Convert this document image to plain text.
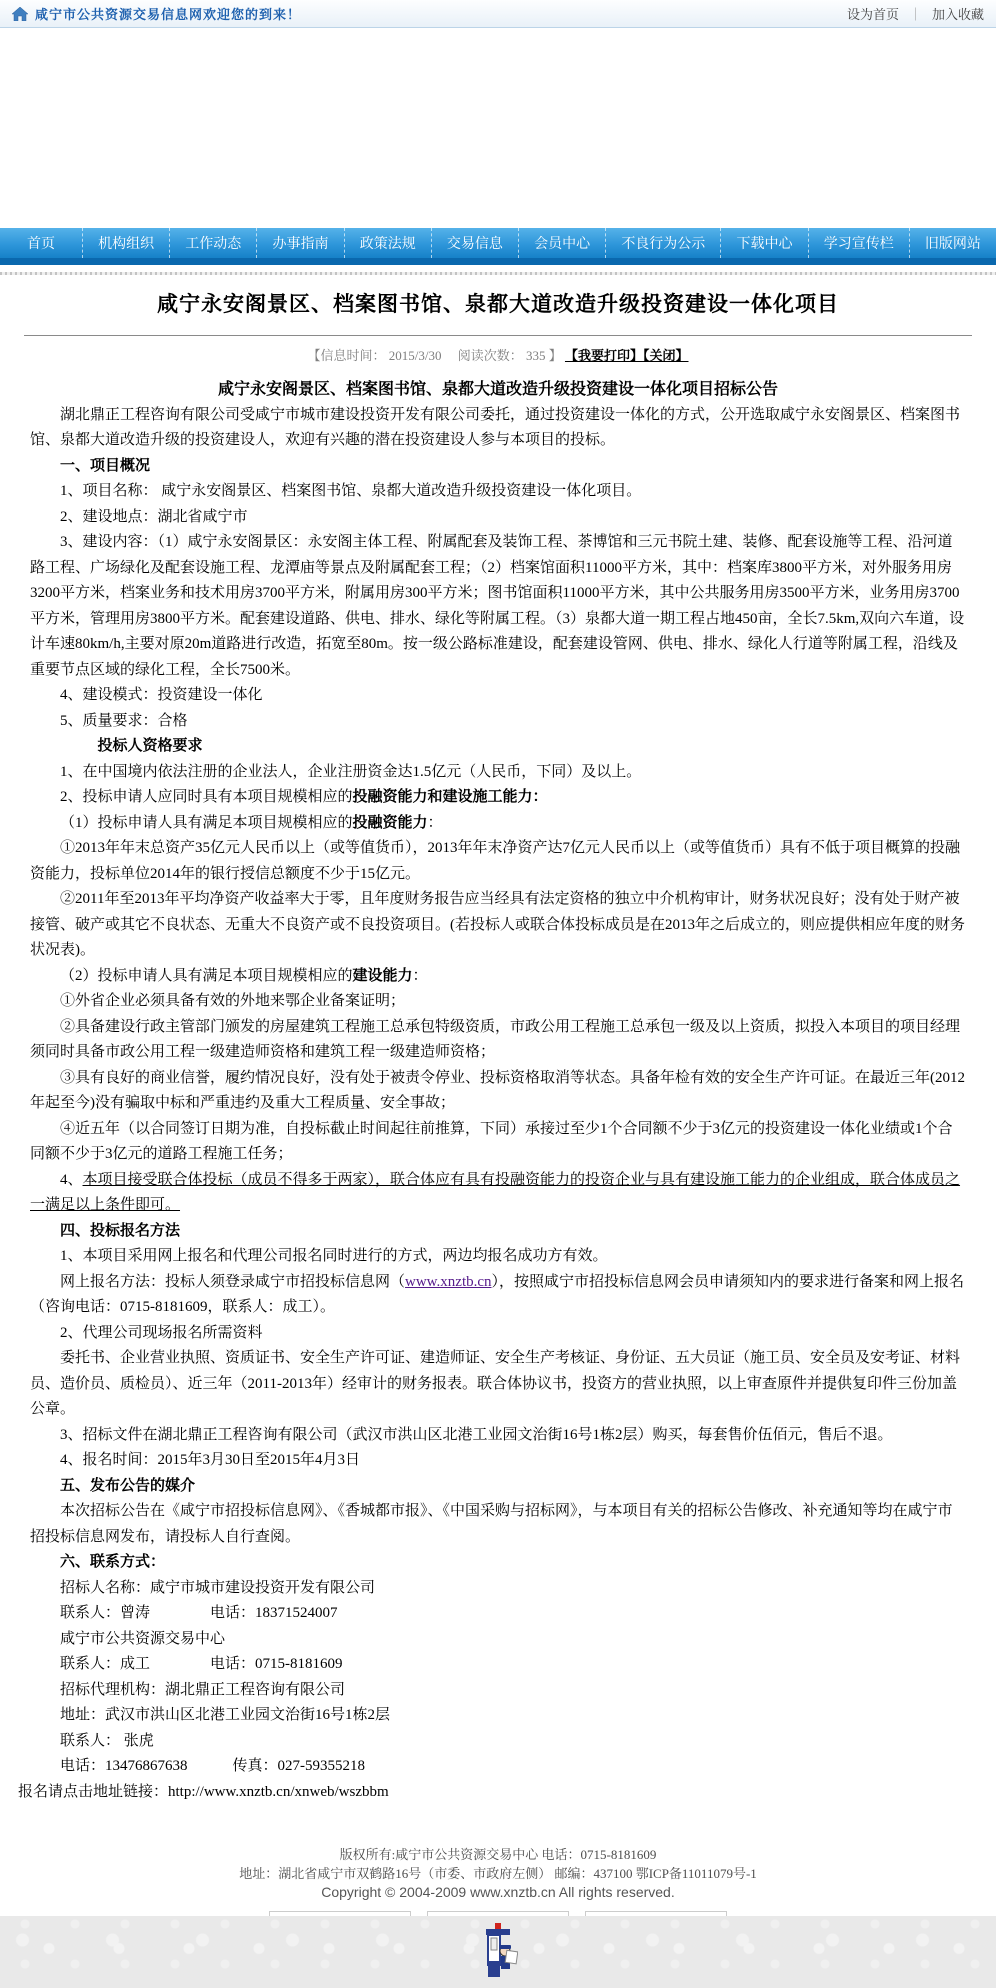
咸宁市公共资源交易信息网欢迎您的到来！	设为首页 ｜ 加入收藏
首页	机构组织	工作动态	办事指南	政策法规	交易信息	会员中心	不良行为公示	下载中心	学习宣传栏	旧版网站
咸宁永安阁景区、档案图书馆、泉都大道改造升级投资建设一体化项目
【信息时间： 2015/3/30　 阅读次数： 335 】 【我要打印】【关闭】
咸宁永安阁景区、档案图书馆、泉都大道改造升级投资建设一体化项目招标公告
湖北鼎正工程咨询有限公司受咸宁市城市建设投资开发有限公司委托，通过投资建设一体化的方式，公开选取咸宁永安阁景区、档案图书馆、泉都大道改造升级的投资建设人，欢迎有兴趣的潜在投资建设人参与本项目的投标。
一、项目概况
1、项目名称： 咸宁永安阁景区、档案图书馆、泉都大道改造升级投资建设一体化项目。
2、建设地点：湖北省咸宁市
3、建设内容：（1）咸宁永安阁景区：永安阁主体工程、附属配套及装饰工程、茶博馆和三元书院土建、装修、配套设施等工程、沿河道路工程、广场绿化及配套设施工程、龙潭庙等景点及附属配套工程；（2）档案馆面积11000平方米，其中：档案库3800平方米，对外服务用房3200平方米，档案业务和技术用房3700平方米，附属用房300平方米；图书馆面积11000平方米，其中公共服务用房3500平方米，业务用房3700平方米，管理用房3800平方米。配套建设道路、供电、排水、绿化等附属工程。（3）泉都大道一期工程占地450亩，全长7.5km,双向六车道，设计车速80km/h,主要对原20m道路进行改造，拓宽至80m。按一级公路标准建设，配套建设管网、供电、排水、绿化人行道等附属工程，沿线及重要节点区域的绿化工程，全长7500米。
4、建设模式：投资建设一体化
5、质量要求：合格
投标人资格要求
1、在中国境内依法注册的企业法人，企业注册资金达1.5亿元（人民币，下同）及以上。
2、投标申请人应同时具有本项目规模相应的投融资能力和建设施工能力：
（1）投标申请人具有满足本项目规模相应的投融资能力：
①2013年年末总资产35亿元人民币以上（或等值货币），2013年年末净资产达7亿元人民币以上（或等值货币）具有不低于项目概算的投融资能力，投标单位2014年的银行授信总额度不少于15亿元。
②2011年至2013年平均净资产收益率大于零，且年度财务报告应当经具有法定资格的独立中介机构审计，财务状况良好；没有处于财产被接管、破产或其它不良状态、无重大不良资产或不良投资项目。(若投标人或联合体投标成员是在2013年之后成立的，则应提供相应年度的财务状况表)。
（2）投标申请人具有满足本项目规模相应的建设能力：
①外省企业必须具备有效的外地来鄂企业备案证明；
②具备建设行政主管部门颁发的房屋建筑工程施工总承包特级资质，市政公用工程施工总承包一级及以上资质，拟投入本项目的项目经理须同时具备市政公用工程一级建造师资格和建筑工程一级建造师资格；
③具有良好的商业信誉，履约情况良好，没有处于被责令停业、投标资格取消等状态。具备年检有效的安全生产许可证。在最近三年(2012年起至今)没有骗取中标和严重违约及重大工程质量、安全事故；
④近五年（以合同签订日期为准，自投标截止时间起往前推算，下同）承接过至少1个合同额不少于3亿元的投资建设一体化业绩或1个合同额不少于3亿元的道路工程施工任务；
4、本项目接受联合体投标（成员不得多于两家），联合体应有具有投融资能力的投资企业与具有建设施工能力的企业组成，联合体成员之一满足以上条件即可。
四、投标报名方法
1、本项目采用网上报名和代理公司报名同时进行的方式，两边均报名成功方有效。
网上报名方法：投标人须登录咸宁市招投标信息网（www.xnztb.cn），按照咸宁市招投标信息网会员申请须知内的要求进行备案和网上报名（咨询电话：0715-8181609，联系人：成工）。
2、代理公司现场报名所需资料
委托书、企业营业执照、资质证书、安全生产许可证、建造师证、安全生产考核证、身份证、五大员证（施工员、安全员及安考证、材料员、造价员、质检员）、近三年（2011-2013年）经审计的财务报表。联合体协议书，投资方的营业执照，以上审查原件并提供复印件三份加盖公章。
3、招标文件在湖北鼎正工程咨询有限公司（武汉市洪山区北港工业园文治街16号1栋2层）购买，每套售价伍佰元，售后不退。
4、报名时间：2015年3月30日至2015年4月3日
五、发布公告的媒介
本次招标公告在《咸宁市招投标信息网》、《香城都市报》、《中国采购与招标网》，与本项目有关的招标公告修改、补充通知等均在咸宁市招投标信息网发布，请投标人自行查阅。
六、联系方式：
招标人名称：咸宁市城市建设投资开发有限公司
联系人：曾涛　　　　电话：18371524007
咸宁市公共资源交易中心
联系人：成工　　　　电话：0715-8181609
招标代理机构：湖北鼎正工程咨询有限公司
地址：武汉市洪山区北港工业园文治街16号1栋2层
联系人： 张虎
电话：13476867638　　　传真：027-59355218
报名请点击地址链接：http://www.xnztb.cn/xnweb/wszbbm
版权所有:咸宁市公共资源交易中心 电话：0715-8181609
地址：湖北省咸宁市双鹤路16号（市委、市政府左侧） 邮编：437100 鄂ICP备11011079号-1
Copyright © 2004-2009 www.xnztb.cn All rights reserved.
